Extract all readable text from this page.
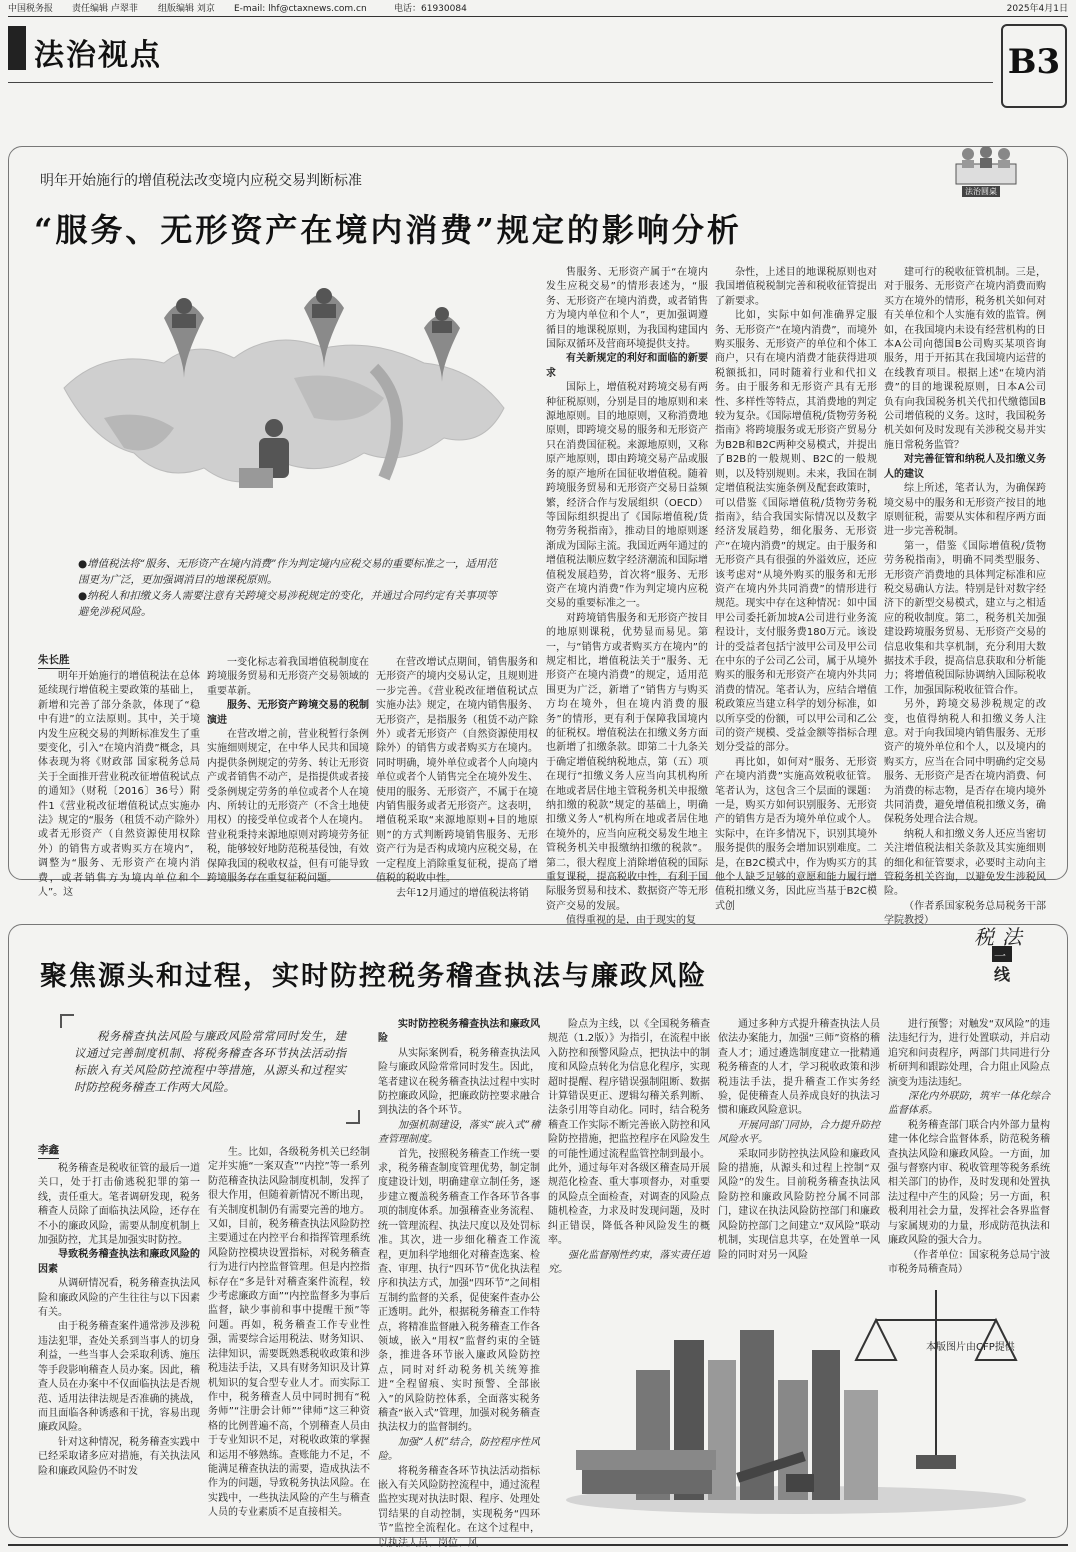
中国税务报 责任编辑 卢翠菲 组版编辑 刘京 E-mail: lhf@ctaxnews.com.cn	电话：61930084	2025年4月1日
法治视点	B3
明年开始施行的增值税法改变境内应税交易判断标准
“服务、无形资产在境内消费”规定的影响分析
法治圆桌
●增值税法将“服务、无形资产在境内消费”作为判定境内应税交易的重要标准之一，适用范围更为广泛，更加强调消目的地课税原则。
●纳税人和扣缴义务人需要注意有关跨境交易涉税规定的变化，并通过合同约定有关事项等避免涉税风险。
朱长胜

明年开始施行的增值税法在总体延续现行增值税主要政策的基础上，新增和完善了部分条款，体现了“稳中有进”的立法原则。其中，关于境内发生应税交易的判断标准发生了重要变化，引入“在境内消费”概念，具体表现为将《财政部 国家税务总局关于全面推开营业税改征增值税试点的通知》（财税〔2016〕36号）附件1《营业税改征增值税试点实施办法》规定的“服务（租赁不动产除外）或者无形资产（自然资源使用权除外）的销售方或者购买方在境内”，调整为“服务、无形资产在境内消费，或者销售方为境内单位和个人”。这

一变化标志着我国增值税制度在跨境服务贸易和无形资产交易领域的重要革新。

服务、无形资产跨境交易的税制演进

在营改增之前，营业税暂行条例实施细则规定，在中华人民共和国境内提供条例规定的劳务、转让无形资产或者销售不动产，是指提供或者接受条例规定劳务的单位或者个人在境内、所转让的无形资产（不含土地使用权）的接受单位或者个人在境内。营业税秉持来源地原则对跨境劳务征税，能够较好地防范税基侵蚀，有效保障我国的税收权益，但有可能导致跨境服务存在重复征税问题。

在营改增试点期间，销售服务和无形资产的境内交易认定，且规则进一步完善。《营业税改征增值税试点实施办法》规定，在境内销售服务、无形资产，是指服务（租赁不动产除外）或者无形资产（自然资源使用权除外）的销售方或者购买方在境内。同时明确，境外单位或者个人向境内单位或者个人销售完全在境外发生、使用的服务、无形资产，不属于在境内销售服务或者无形资产。这表明，增值税采取“来源地原则+目的地原则”的方式判断跨境销售服务、无形资产行为是否构成境内应税交易，在一定程度上消除重复征税，提高了增值税的税收中性。

去年12月通过的增值税法将销

售服务、无形资产属于“在境内发生应税交易”的情形表述为，“服务、无形资产在境内消费，或者销售方为境内单位和个人”，更加强调遵循目的地课税原则，为我国构建国内国际双循环及营商环境提供支持。

有关新规定的利好和面临的新要求

国际上，增值税对跨境交易有两种征税原则，分别是目的地原则和来源地原则。目的地原则，又称消费地原则，即跨境交易的服务和无形资产只在消费国征税。来源地原则，又称原产地原则，即由跨境交易产品或服务的原产地所在国征收增值税。随着跨境服务贸易和无形资产交易日益频繁，经济合作与发展组织（OECD）等国际组织提出了《国际增值税/货物劳务税指南》，推动目的地原则逐渐成为国际主流。我国近两年通过的增值税法顺应数字经济潮流和国际增值税发展趋势，首次将“服务、无形资产在境内消费”作为判定境内应税交易的重要标准之一。

对跨境销售服务和无形资产按目的地原则课税，优势显而易见。第一，与“销售方或者购买方在境内”的规定相比，增值税法关于“服务、无形资产在境内消费”的规定，适用范围更为广泛，新增了“销售方与购买方均在境外，但在境内消费的服务”的情形，更有利于保障我国境内的征税权。增值税法在扣缴义务方面也新增了扣缴条款。即第二十九条关于确定增值税纳税地点，第（五）项在现行“扣缴义务人应当向其机构所在地或者居住地主管税务机关申报缴纳扣缴的税款”规定的基础上，明确扣缴义务人“机构所在地或者居住地在境外的，应当向应税交易发生地主管税务机关申报缴纳扣缴的税款”。第二，很大程度上消除增值税的国际重复课税，提高税收中性，有利于国际服务贸易和技术、数据资产等无形资产交易的发展。

值得重视的是，由于现实的复

杂性，上述目的地课税原则也对我国增值税税制完善和税收征管提出了新要求。

比如，实际中如何准确界定服务、无形资产“在境内消费”，而境外购买服务、无形资产的单位和个体工商户，只有在境内消费才能获得进项税额抵扣，同时随着行业和代扣义务。由于服务和无形资产具有无形性、多样性等特点，其消费地的判定较为复杂。《国际增值税/货物劳务税指南》将跨境服务或无形资产贸易分为B2B和B2C两种交易模式，并提出了B2B的一般规则、B2C的一般规则，以及特别规则。未来，我国在制定增值税法实施条例及配套政策时，可以借鉴《国际增值税/货物劳务税指南》，结合我国实际情况以及数字经济发展趋势，细化服务、无形资产“在境内消费”的规定。由于服务和无形资产具有很强的外溢效应，还应该考虑对“从境外购买的服务和无形资产在境内外共同消费”的情形进行规范。现实中存在这种情况：如中国甲公司委托新加坡A公司进行业务流程设计，支付服务费180万元。该设计的受益者包括宁波甲公司及甲公司在中东的子公司乙公司，属于从境外购买的服务和无形资产在境内外共同消费的情况。笔者认为，应结合增值税政策应当建立科学的划分标准，如以所享受的份额，可以甲公司和乙公司的资产规模、受益金额等指标合理划分受益的部分。

再比如，如何对“服务、无形资产在境内消费”实施高效税收征管。笔者认为，这包含三个层面的课题：一是，购买方如何识别服务、无形资产的销售方是否为境外单位或个人。实际中，在许多情况下，识别其境外服务提供的服务会增加识别难度。二是，在B2C模式中，作为购买方的其他个人缺乏足够的意愿和能力履行增值税扣缴义务，因此应当基于B2C模式创

建可行的税收征管机制。三是，对于服务、无形资产在境内消费而购买方在境外的情形，税务机关如何对有关单位和个人实施有效的监管。例如，在我国境内未设有经营机构的日本A公司向德国B公司购买某项咨询服务，用于开拓其在我国境内运营的在线教育项目。根据上述“在境内消费”的目的地课税原则，日本A公司负有向我国税务机关代扣代缴德国B公司增值税的义务。这时，我国税务机关如何及时发现有关涉税交易并实施日常税务监管？

对完善征管和纳税人及扣缴义务人的建议

综上所述，笔者认为，为确保跨境交易中的服务和无形资产按目的地原则征税，需要从实体和程序两方面进一步完善税制。

第一，借鉴《国际增值税/货物劳务税指南》，明确不同类型服务、无形资产消费地的具体判定标准和应税交易确认方法。特别是针对数字经济下的新型交易模式，建立与之相适应的税收制度。第二，税务机关加强建设跨境服务贸易、无形资产交易的信息收集和共享机制，充分利用大数据技术手段，提高信息获取和分析能力；将增值税国际协调纳入国际税收工作，加强国际税收征管合作。

另外，跨境交易涉税规定的改变，也值得纳税人和扣缴义务人注意。对于向我国境内销售服务、无形资产的境外单位和个人，以及境内的购买方，应当在合同中明确约定交易服务、无形资产是否在境内消费、何为消费的标志物，是否存在境内境外共同消费，避免增值税扣缴义务，确保税务处理合法合规。

纳税人和扣缴义务人还应当密切关注增值税法相关条款及其实施细则的细化和征管要求，必要时主动向主管税务机关咨询，以避免发生涉税风险。

（作者系国家税务总局税务干部学院教授）

聚焦源头和过程，实时防控税务稽查执法与廉政风险
税 法
一
线
税务稽查执法风险与廉政风险常常同时发生，建议通过完善制度机制、将税务稽查各环节执法活动指标嵌入有关风险防控流程中等措施，从源头和过程实时防控税务稽查工作两大风险。
李鑫

税务稽查是税收征管的最后一道关口，处于打击偷逃税犯罪的第一线，责任重大。笔者调研发现，税务稽查人员除了面临执法风险，还存在不小的廉政风险，需要从制度机制上加强防控，尤其是加强实时防控。

导致税务稽查执法和廉政风险的因素

从调研情况看，税务稽查执法风险和廉政风险的产生往往与以下因素有关。

由于税务稽查案件通常涉及涉税违法犯罪，查处关系到当事人的切身利益，一些当事人会采取利诱、施压等手段影响稽查人员办案。因此，稽查人员在办案中不仅面临执法是否规范、适用法律法规是否准确的挑战，而且面临各种诱惑和干扰，容易出现廉政风险。

针对这种情况，税务稽查实践中已经采取诸多应对措施，有关执法风险和廉政风险仍不时发

生。比如，各级税务机关已经制定并实施“一案双查”“内控”等一系列防范稽查执法风险制度机制，发挥了很大作用，但随着新情况不断出现，有关制度机制仍有需要完善的地方。又如，目前，税务稽查执法风险防控主要通过在内控平台和指挥管理系统风险防控模块设置指标，对税务稽查行为进行内控监督管理。但是内控指标存在“多是针对稽查案件流程，较少考虑廉政方面”“内控监督多为事后监督，缺少事前和事中提醒干预”等问题。再如，税务稽查工作专业性强，需要综合运用税法、财务知识、法律知识，需要既熟悉税收政策和涉税违法手法，又具有财务知识及计算机知识的复合型专业人才。而实际工作中，税务稽查人员中同时拥有“税务师”“注册会计师”“律师”这三种资格的比例普遍不高，个别稽查人员由于专业知识不足，对税收政策的掌握和运用不够熟练。查账能力不足，不能满足稽查执法的需要，造成执法不作为的问题，导致税务执法风险。在实践中，一些执法风险的产生与稽查人员的专业素质不足直接相关。

实时防控税务稽查执法和廉政风险

从实际案例看，税务稽查执法风险与廉政风险常常同时发生。因此，笔者建议在税务稽查执法过程中实时防控廉政风险，把廉政防控要求融合到执法的各个环节。

加强机制建设，落实“嵌入式”稽查管理制度。

首先，按照税务稽查工作统一要求，税务稽查制度管理优势，制定制度建设计划，明确建章立制任务，逐步建立覆盖税务稽查工作各环节各事项的制度体系。加强稽查业务流程、统一管理流程、执法尺度以及处罚标准。其次，进一步细化稽查工作流程，更加科学地细化对稽查选案、检查、审理、执行“四环节”优化执法程序和执法方式，加强“四环节”之间相互制约监督的关系，促使案件查办公正透明。此外，根据税务稽查工作特点，将精准监督融入税务稽查工作各领域，嵌入“用权”监督约束的全链条，推进各环节嵌入廉政风险防控点，同时对纤动税务机关统筹推进“全程留痕、实时预警、全部嵌入”的风险防控体系，全面落实税务稽查“嵌入式”管理，加强对税务稽查执法权力的监督制约。

加强“人机”结合，防控程序性风险。

将税务稽查各环节执法活动指标嵌入有关风险防控流程中，通过流程监控实现对执法时限、程序、处理处罚结果的自动控制，实现税务“四环节”监控全流程化。在这个过程中，

险点为主线，以《全国税务稽查规范（1.2版）》为指引，在流程中嵌入防控和预警风险点，把执法中的制度和风险点转化为信息化程序，实现超时提醒、程序错误强制阻断、数据计算错误更正、逻辑勾稽关系判断、法条引用等自动化。同时，结合税务稽查工作实际不断完善嵌入防控和风险防控措施，把监控程序在风险发生的可能性通过流程监管控制到最小。此外，通过每年对各级区稽查局开展规范化检查、重大事项督办，对重要的风险点全面检查，对调查的风险点随机检查，力求及时发现问题，及时纠正错误，降低各种风险发生的概率。

强化监督刚性约束，落实责任追究。

通过多种方式提升稽查执法人员依法办案能力，加强“三师”资格的稽查人才；通过遴选制度建立一批精通税务稽查的人才，学习税收政策和涉税违法手法，提升稽查工作实务经验，促使稽查人员养成良好的执法习惯和廉政风险意识。

开展同部门同协，合力提升防控风险水平。

采取同步防控执法风险和廉政风险的措施，从源头和过程上控制“双风险”的发生。目前税务稽查执法风险防控和廉政风险防控分属不同部门，建议在执法风险防控部门和廉政风险防控部门之间建立“双风险”联动机制，实现信息共享，在处置单一风险的同时对另一风险

进行预警；对触发“双风险”的违法违纪行为，进行处置联动，并启动追究和问责程序，两部门共同进行分析研判和跟踪处理，合力阻止风险点演变为违法违纪。

深化内外联防，筑牢一体化综合监督体系。

税务稽查部门联合内外部力量构建一体化综合监督体系，防范税务稽查执法风险和廉政风险。一方面，加强与督察内审、税收管理等税务系统相关部门的协作，及时发现和处置执法过程中产生的风险；另一方面，积极利用社会力量，发挥社会各界监督与家属规劝的力量，形成防范执法和廉政风险的强大合力。

（作者单位：国家税务总局宁波市税务局稽查局）

本版图片由CFP提供
